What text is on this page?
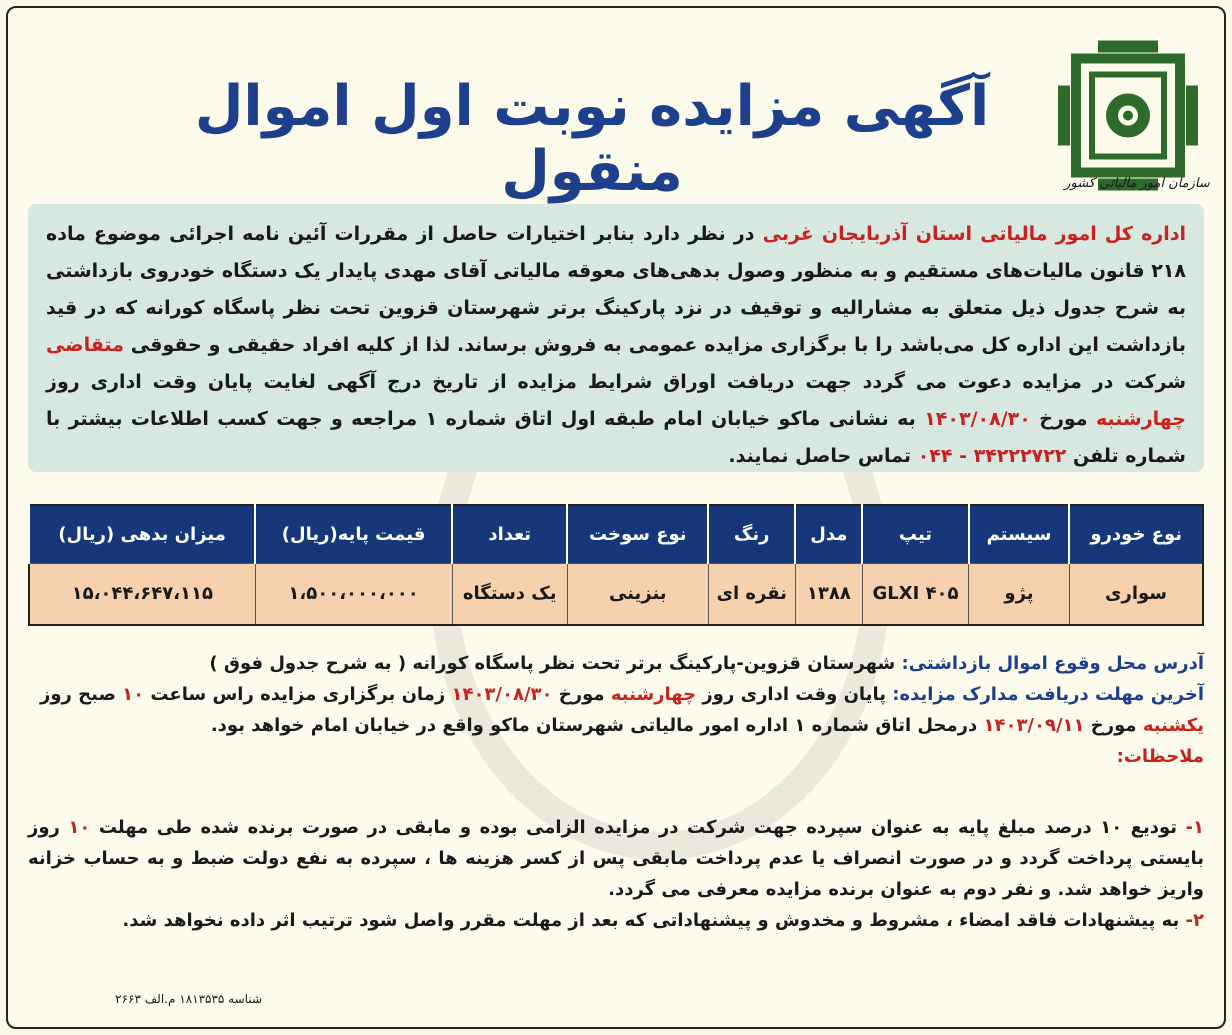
سازمان امور مالیاتی کشور
آگهی مزایده نوبت اول اموال منقول
اداره کل امور مالیاتی استان آذربایجان غربی در نظر دارد بنابر اختیارات حاصل از مقررات آئین نامه اجرائی موضوع ماده ۲۱۸ قانون مالیات‌های مستقیم و به منظور وصول بدهی‌های معوقه مالیاتی آقای مهدی پایدار یک دستگاه خودروی بازداشتی به شرح جدول ذیل متعلق به مشارالیه و توقیف در نزد پارکینگ برتر شهرستان قزوین تحت نظر پاسگاه کورانه که در قید بازداشت این اداره کل می‌باشد را با برگزاری مزایده عمومی به فروش برساند. لذا از کلیه افراد حقیقی و حقوقی متقاضی شرکت در مزایده دعوت می گردد جهت دریافت اوراق شرایط مزایده از تاریخ درج آگهی لغایت پایان وقت اداری روز چهارشنبه مورخ ۱۴۰۳/۰۸/۳۰ به نشانی ماکو خیابان امام طبقه اول اتاق شماره ۱ مراجعه و جهت کسب اطلاعات بیشتر با شماره تلفن ۳۴۲۲۲۷۲۲ - ۰۴۴ تماس حاصل نمایند.
نوع خودرو	سیستم	تیپ	مدل	رنگ	نوع سوخت	تعداد	قیمت پایه(ریال)	میزان بدهی (ریال)
سواری	پژو	۴۰۵ GLXI	۱۳۸۸	نقره ای	بنزینی	یک دستگاه	۱،۵۰۰،۰۰۰،۰۰۰	۱۵،۰۴۴،۶۴۷،۱۱۵
آدرس محل وقوع اموال بازداشتی: شهرستان قزوین-پارکینگ برتر تحت نظر پاسگاه کورانه ( به شرح جدول فوق )
آخرین مهلت دریافت مدارک مزایده: پایان وقت اداری روز چهارشنبه مورخ ۱۴۰۳/۰۸/۳۰ زمان برگزاری مزایده راس ساعت ۱۰ صبح روز یکشنبه مورخ ۱۴۰۳/۰۹/۱۱ درمحل اتاق شماره ۱ اداره امور مالیاتی شهرستان ماکو واقع در خیابان امام خواهد بود.
ملاحظات:
۱- تودیع ۱۰ درصد مبلغ پایه به عنوان سپرده جهت شرکت در مزایده الزامی بوده و مابقی در صورت برنده شده طی مهلت ۱۰ روز بایستی پرداخت گردد و در صورت انصراف یا عدم پرداخت مابقی پس از کسر هزینه ها ، سپرده به نفع دولت ضبط و به حساب خزانه واریز خواهد شد. و نفر دوم به عنوان برنده مزایده معرفی می گردد.
۲- به پیشنهادات فاقد امضاء ، مشروط و مخدوش و پیشنهاداتی که بعد از مهلت مقرر واصل شود ترتیب اثر داده نخواهد شد.
شناسه ۱۸۱۳۵۳۵ م.الف ۲۶۶۳
